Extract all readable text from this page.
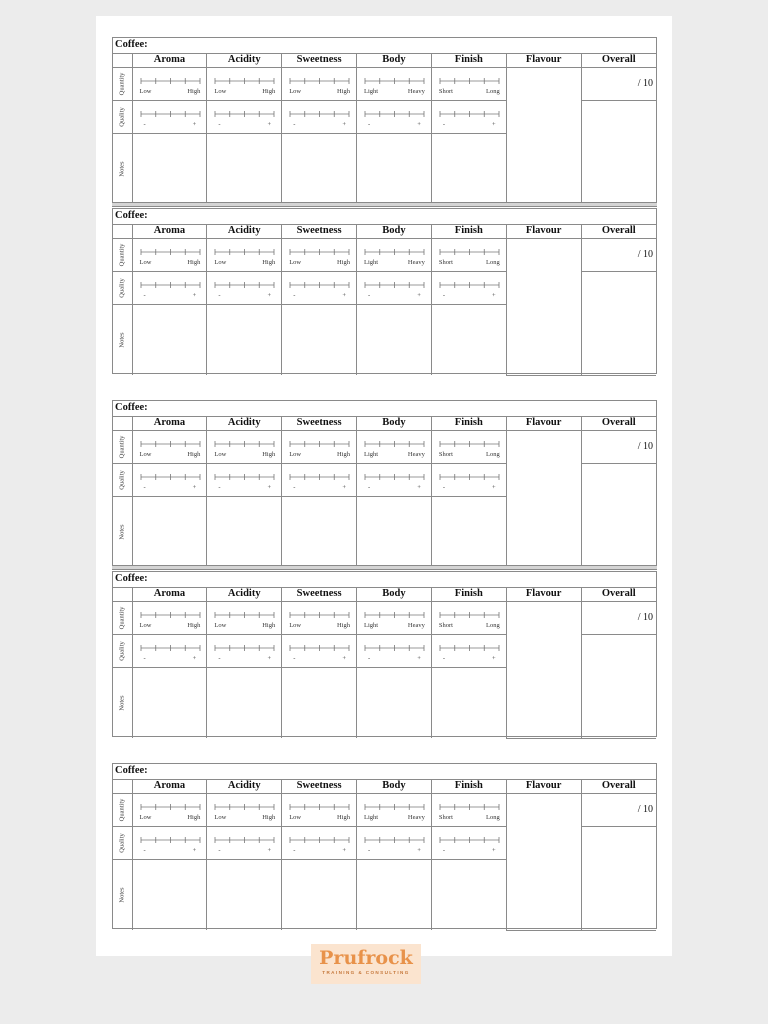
Coffee:							
	Aroma	Acidity	Sweetness	Body	Finish	Flavour	Overall

Quantity	Low High	Low High	Low High	Light Heavy	Short Long		/ 10

Quality	- +	- +	- +	- +	- +		

Notes							

Coffee:							
	Aroma	Acidity	Sweetness	Body	Finish	Flavour	Overall

Quantity	Low High	Low High	Low High	Light Heavy	Short Long		/ 10

Quality	- +	- +	- +	- +	- +		

Notes							

Coffee:							
	Aroma	Acidity	Sweetness	Body	Finish	Flavour	Overall

Quantity	Low High	Low High	Low High	Light Heavy	Short Long		/ 10

Quality	- +	- +	- +	- +	- +		

Notes							

Coffee:							
	Aroma	Acidity	Sweetness	Body	Finish	Flavour	Overall

Quantity	Low High	Low High	Low High	Light Heavy	Short Long		/ 10

Quality	- +	- +	- +	- +	- +		

Notes							

Coffee:							
	Aroma	Acidity	Sweetness	Body	Finish	Flavour	Overall

Quantity	Low High	Low High	Low High	Light Heavy	Short Long		/ 10

Quality	- +	- +	- +	- +	- +		

Notes							

Prufrock
TRAINING & CONSULTING
